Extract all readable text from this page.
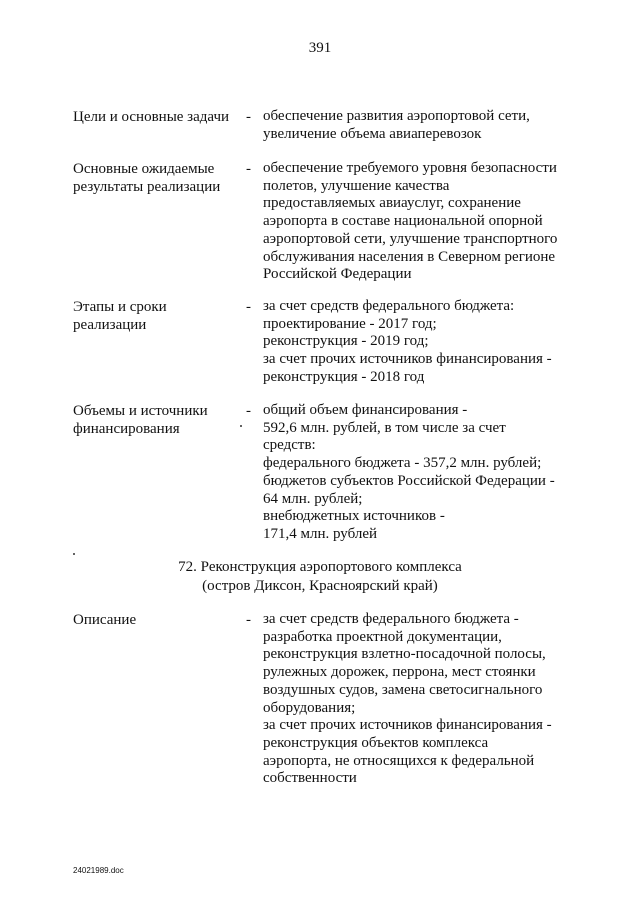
391
Цели и основные задачи	- обеспечение развития аэропортовой сети,
увеличение объема авиаперевозок
Основные ожидаемые
результаты реализации
- обеспечение требуемого уровня безопасности
полетов, улучшение качества
предоставляемых авиауслуг, сохранение
аэропорта в составе национальной опорной
аэропортовой сети, улучшение транспортного
обслуживания населения в Северном регионе
Российской Федерации
Этапы и сроки
реализации
- за счет средств федерального бюджета:
проектирование - 2017 год;
реконструкция - 2019 год;
за счет прочих источников финансирования -
реконструкция - 2018 год
Объемы и источники
финансирования
- общий объем финансирования -
592,6 млн. рублей, в том числе за счет
средств:
федерального бюджета - 357,2 млн. рублей;
бюджетов субъектов Российской Федерации -
64 млн. рублей;
внебюджетных источников -
171,4 млн. рублей
72. Реконструкция аэропортового комплекса
(остров Диксон, Красноярский край)
Описание	- за счет средств федерального бюджета -
разработка проектной документации,
реконструкция взлетно-посадочной полосы,
рулежных дорожек, перрона, мест стоянки
воздушных судов, замена светосигнального
оборудования;
за счет прочих источников финансирования -
реконструкция объектов комплекса
аэропорта, не относящихся к федеральной
собственности
24021989.doc
